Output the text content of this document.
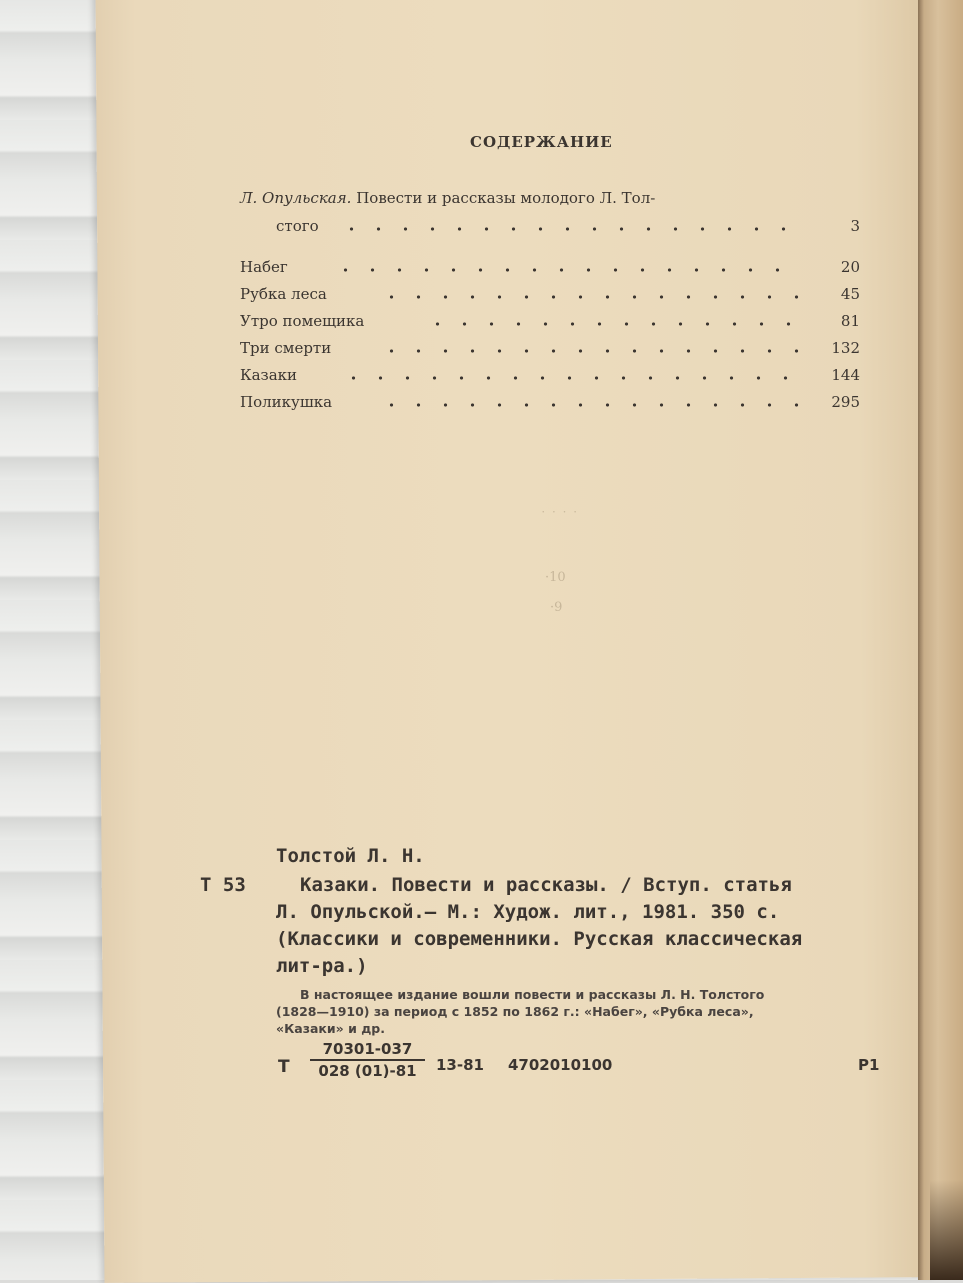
˙ ˙ ˙ ˙
·10
·9
СОДЕРЖАНИЕ
Л. Опульская. Повести и рассказы молодого Л. Тол-
стого	3
Набег	20
Рубка леса	45
Утро помещика	81
Три смерти	132
Казаки	144
Поликушка	295
Толстой Л. Н.
Т 53	Казаки. Повести и рассказы. / Вступ. статья
Л. Опульской.— М.: Худож. лит., 1981. 350 с.
(Классики и современники. Русская классическая
лит-ра.)
В настоящее издание вошли повести и рассказы Л. Н. Толстого
(1828—1910) за период с 1852 по 1862 г.: «Набег», «Рубка леса»,
«Казаки» и др.
Т $\frac{70301-037}{028 (01)-81} 13-81$ 4702010100	Р1
